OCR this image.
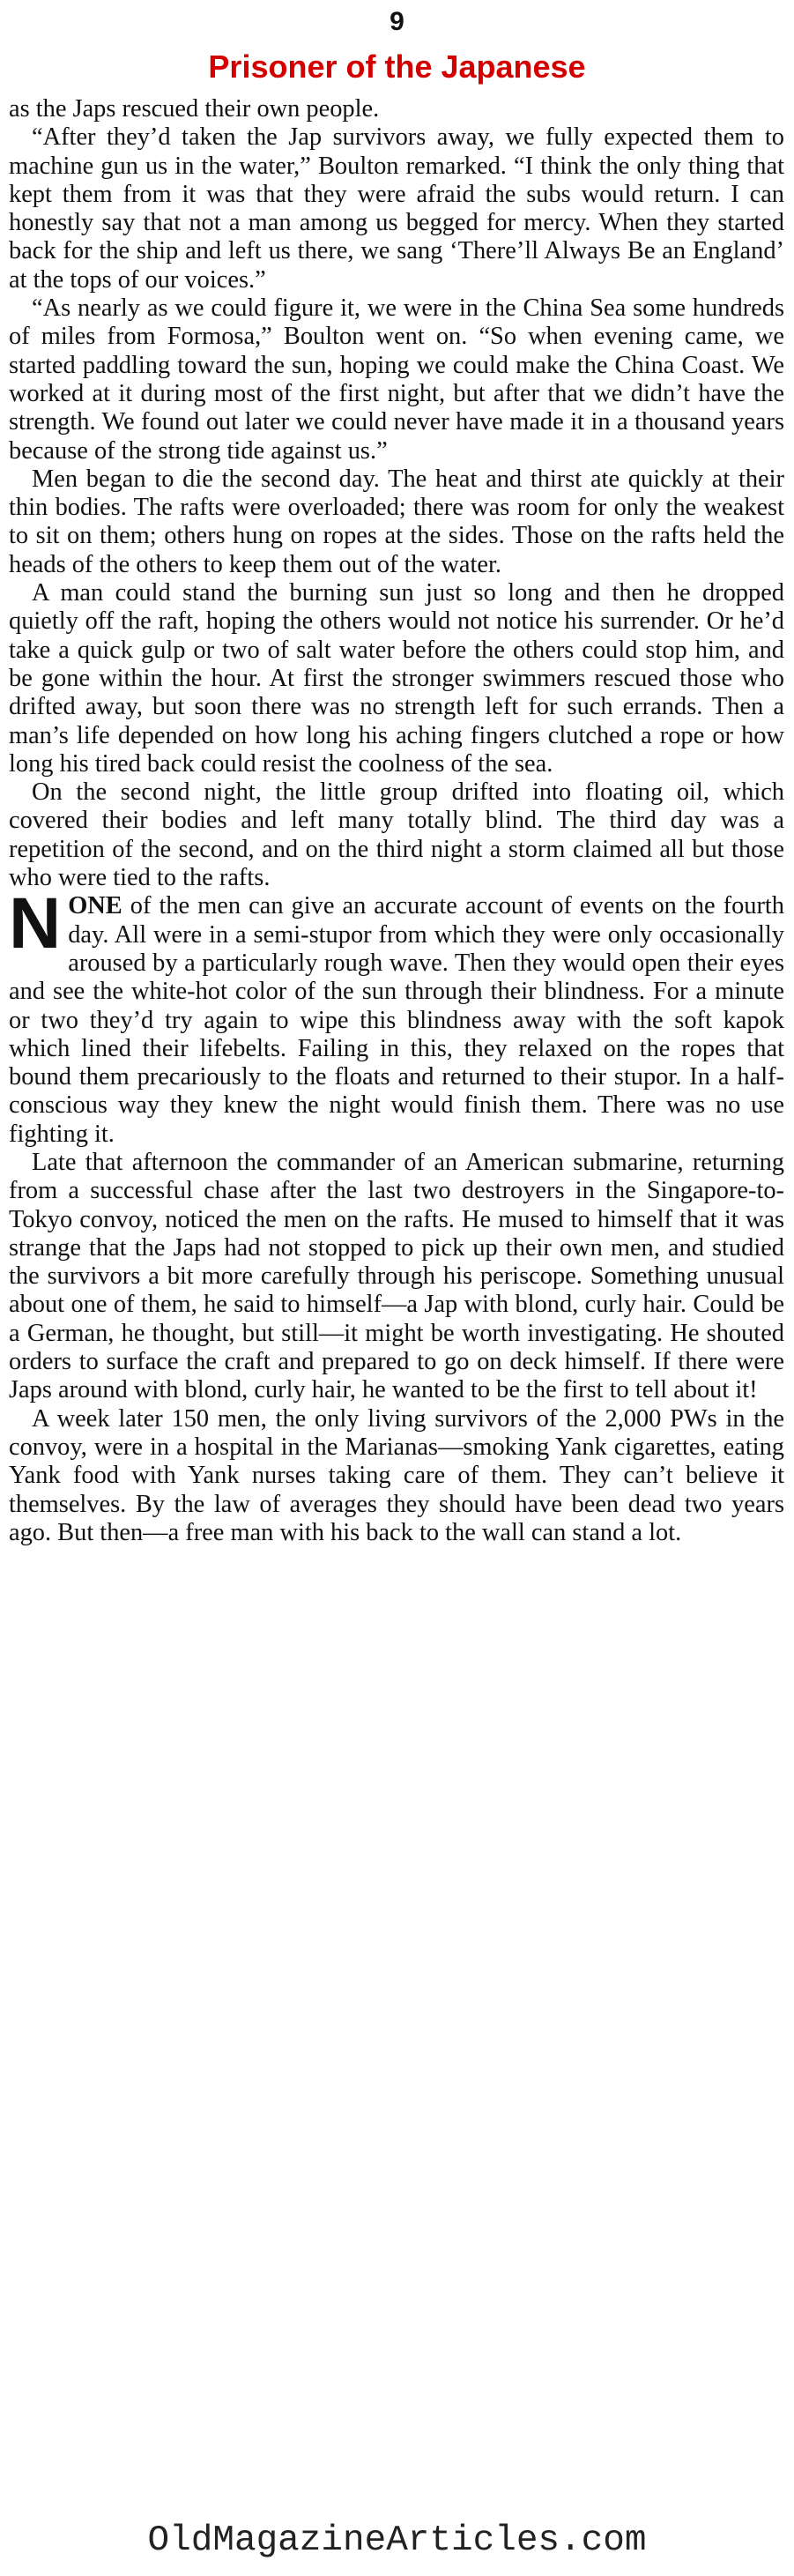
9
Prisoner of the Japanese

as the Japs rescued their own people.

“After they’d taken the Jap survivors away, we fully expected them to machine gun us in the water,” Boulton remarked. “I think the only thing that kept them from it was that they were afraid the subs would return. I can honestly say that not a man among us begged for mercy. When they started back for the ship and left us there, we sang ‘There’ll Always Be an England’ at the tops of our voices.”

“As nearly as we could figure it, we were in the China Sea some hundreds of miles from Formosa,” Boulton went on. “So when evening came, we started paddling toward the sun, hoping we could make the China Coast. We worked at it during most of the first night, but after that we didn’t have the strength. We found out later we could never have made it in a thousand years because of the strong tide against us.”

Men began to die the second day. The heat and thirst ate quickly at their thin bodies. The rafts were overloaded; there was room for only the weakest to sit on them; others hung on ropes at the sides. Those on the rafts held the heads of the others to keep them out of the water.

A man could stand the burning sun just so long and then he dropped quietly off the raft, hoping the others would not notice his surrender. Or he’d take a quick gulp or two of salt water before the others could stop him, and be gone within the hour. At first the stronger swimmers rescued those who drifted away, but soon there was no strength left for such errands. Then a man’s life depended on how long his aching fingers clutched a rope or how long his tired back could resist the coolness of the sea.

On the second night, the little group drifted into floating oil, which covered their bodies and left many totally blind. The third day was a repetition of the second, and on the third night a storm claimed all but those who were tied to the rafts.

NONE of the men can give an accurate account of events on the fourth day. All were in a semi-stupor from which they were only occasionally aroused by a particularly rough wave. Then they would open their eyes and see the white-hot color of the sun through their blindness. For a minute or two they’d try again to wipe this blindness away with the soft kapok which lined their lifebelts. Failing in this, they relaxed on the ropes that bound them precariously to the floats and returned to their stupor. In a half-conscious way they knew the night would finish them. There was no use fighting it.

Late that afternoon the commander of an American submarine, returning from a successful chase after the last two destroyers in the Singapore-to-Tokyo convoy, noticed the men on the rafts. He mused to himself that it was strange that the Japs had not stopped to pick up their own men, and studied the survivors a bit more carefully through his periscope. Something unusual about one of them, he said to himself—a Jap with blond, curly hair. Could be a German, he thought, but still—it might be worth investigating. He shouted orders to surface the craft and prepared to go on deck himself. If there were Japs around with blond, curly hair, he wanted to be the first to tell about it!

A week later 150 men, the only living survivors of the 2,000 PWs in the convoy, were in a hospital in the Marianas—smoking Yank cigarettes, eating Yank food with Yank nurses taking care of them. They can’t believe it themselves. By the law of averages they should have been dead two years ago. But then—a free man with his back to the wall can stand a lot.

OldMagazineArticles.com
